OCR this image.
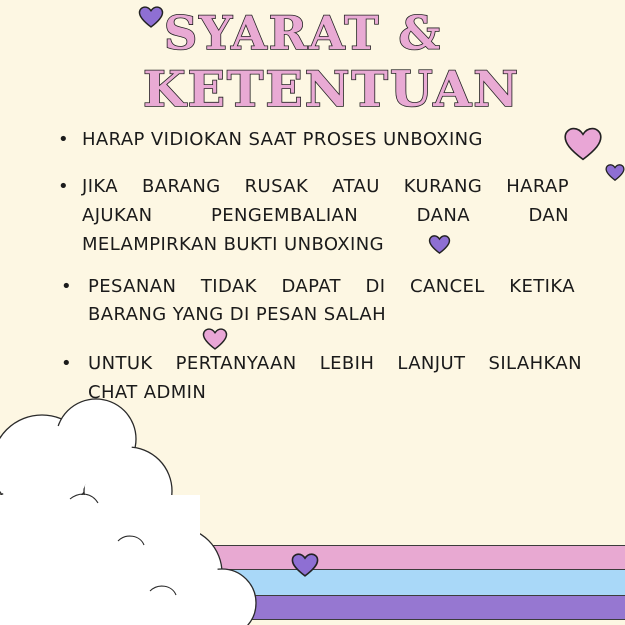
SYARAT &
KETENTUAN
• HARAP VIDIOKAN SAAT PROSES UNBOXING
• JIKA BARANG RUSAK ATAU KURANG HARAP
AJUKAN PENGEMBALIAN DANA DAN
MELAMPIRKAN BUKTI UNBOXING
• PESANAN TIDAK DAPAT DI CANCEL KETIKA
BARANG YANG DI PESAN SALAH
• UNTUK PERTANYAAN LEBIH LANJUT SILAHKAN
CHAT ADMIN
